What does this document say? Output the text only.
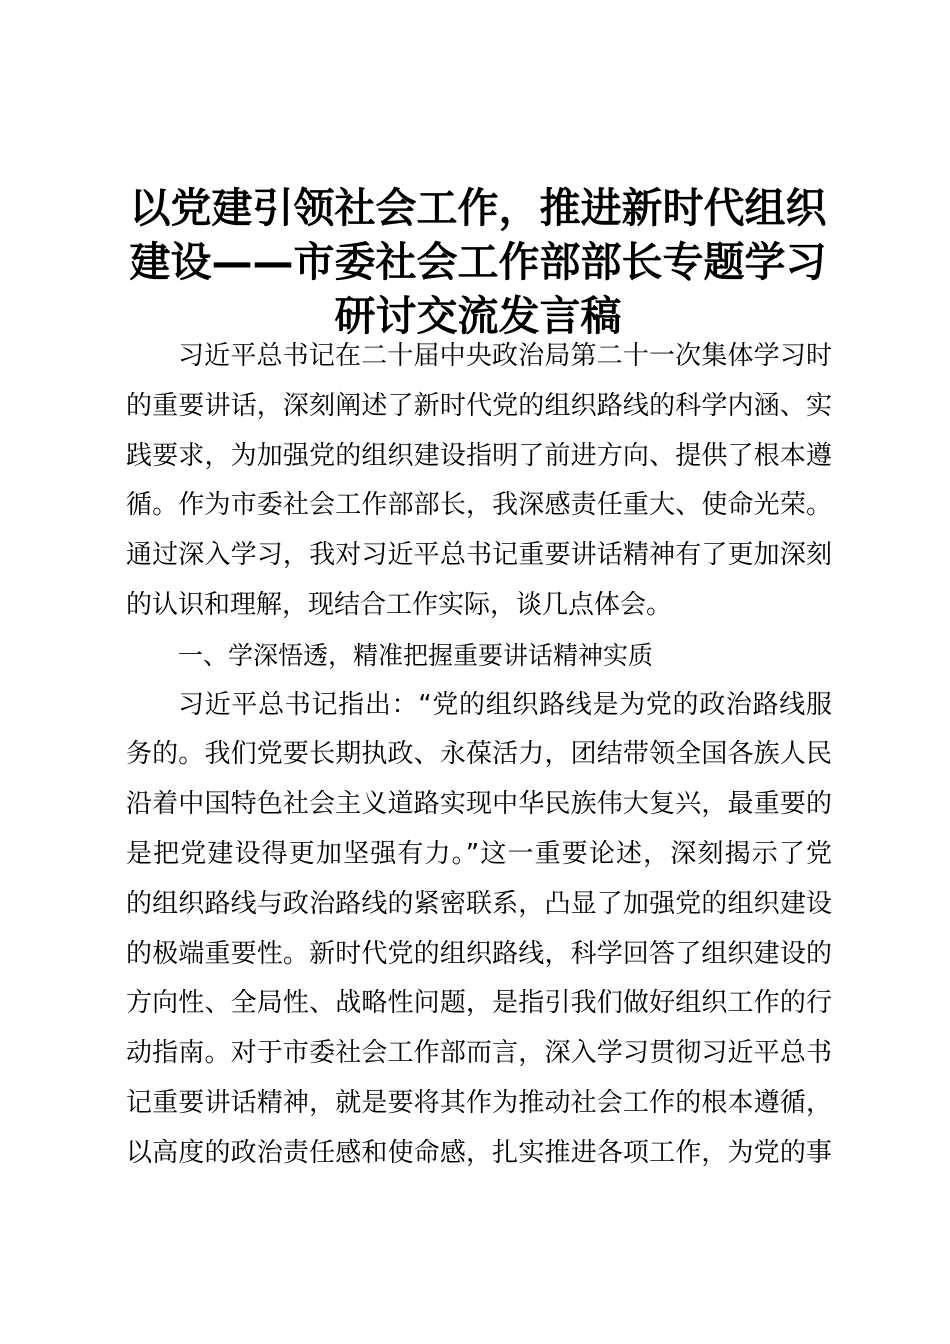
以党建引领社会工作，推进新时代组织
建设——市委社会工作部部长专题学习
研讨交流发言稿
习近平总书记在二十届中央政治局第二十一次集体学习时
的重要讲话，深刻阐述了新时代党的组织路线的科学内涵、实
践要求，为加强党的组织建设指明了前进方向、提供了根本遵
循。作为市委社会工作部部长，我深感责任重大、使命光荣。
通过深入学习，我对习近平总书记重要讲话精神有了更加深刻
的认识和理解，现结合工作实际，谈几点体会。
一、学深悟透，精准把握重要讲话精神实质
习近平总书记指出：“党的组织路线是为党的政治路线服
务的。我们党要长期执政、永葆活力，团结带领全国各族人民
沿着中国特色社会主义道路实现中华民族伟大复兴，最重要的
是把党建设得更加坚强有力。”这一重要论述，深刻揭示了党
的组织路线与政治路线的紧密联系，凸显了加强党的组织建设
的极端重要性。新时代党的组织路线，科学回答了组织建设的
方向性、全局性、战略性问题，是指引我们做好组织工作的行
动指南。对于市委社会工作部而言，深入学习贯彻习近平总书
记重要讲话精神，就是要将其作为推动社会工作的根本遵循，
以高度的政治责任感和使命感，扎实推进各项工作，为党的事
